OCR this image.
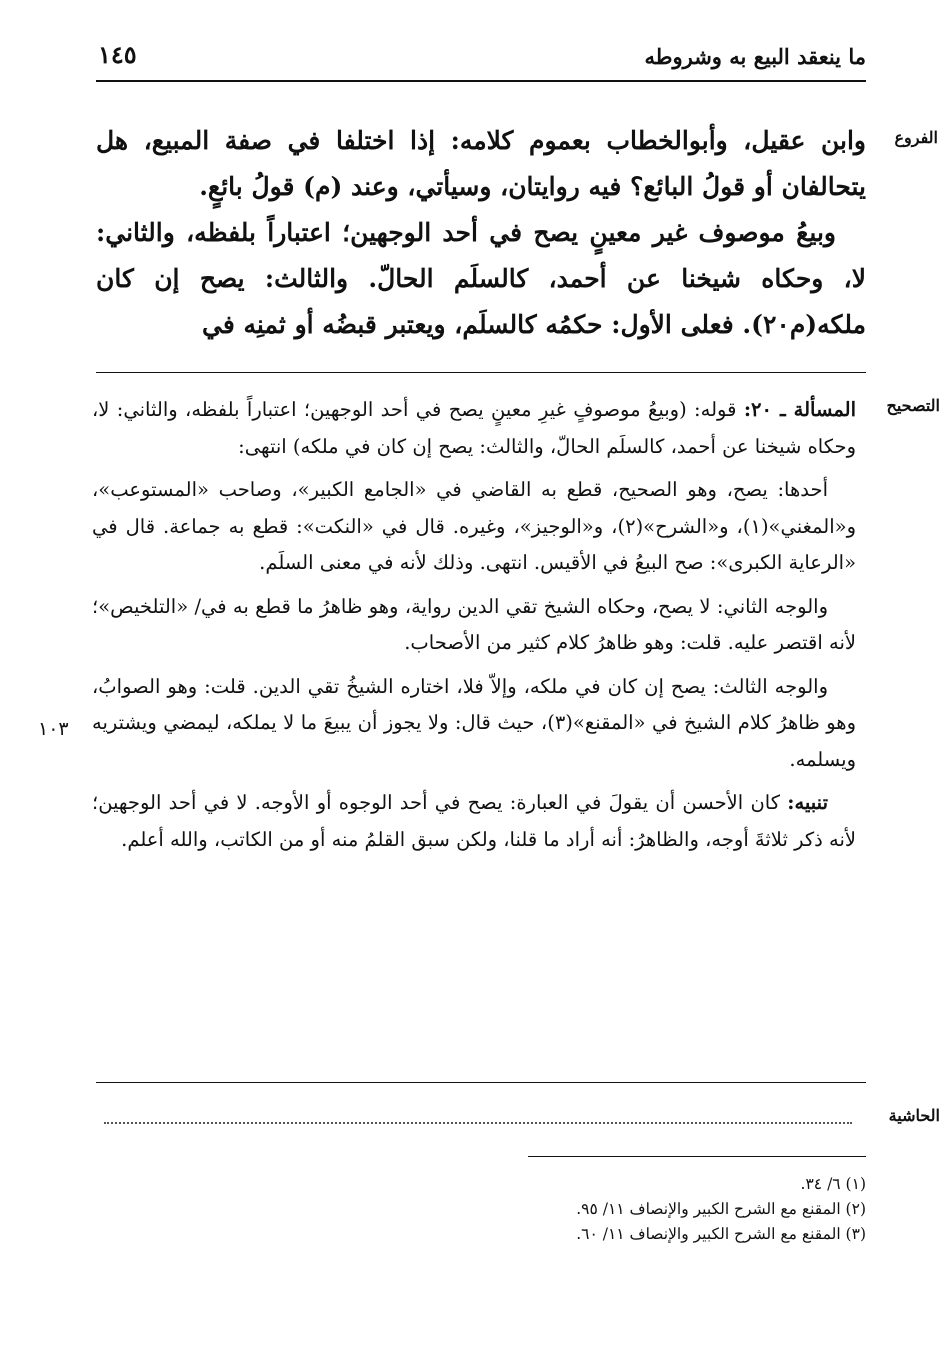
ما ينعقد البيع به وشروطه
١٤٥
الفروع
التصحيح
١٠٣
الحاشية

وابن عقيل، وأبوالخطاب بعموم كلامه: إذا اختلفا في صفة المبيع، هل يتحالفان أو قولُ البائع؟ فيه روايتان، وسيأتي، وعند (م) قولُ بائعٍ.

وبيعُ موصوف غير معينٍ يصح في أحد الوجهين؛ اعتباراً بلفظه، والثاني: لا، وحكاه شيخنا عن أحمد، كالسلَم الحالّ. والثالث: يصح إن كان ملكه(م٢٠). فعلى الأول: حكمُه كالسلَم، ويعتبر قبضُه أو ثمنِه في

المسألة ـ ٢٠: قوله: (وبيعُ موصوفٍ غيرِ معينٍ يصح في أحد الوجهين؛ اعتباراً بلفظه، والثاني: لا، وحكاه شيخنا عن أحمد، كالسلَم الحالّ، والثالث: يصح إن كان في ملكه) انتهى:

أحدها: يصح، وهو الصحيح، قطع به القاضي في «الجامع الكبير»، وصاحب «المستوعب»، و«المغني»(١)، و«الشرح»(٢)، و«الوجيز»، وغيره. قال في «النكت»: قطع به جماعة. قال في «الرعاية الكبرى»: صح البيعُ في الأقيس. انتهى. وذلك لأنه في معنى السلَم.

والوجه الثاني: لا يصح، وحكاه الشيخ تقي الدين رواية، وهو ظاهرُ ما قطع به في/ «التلخيص»؛ لأنه اقتصر عليه. قلت: وهو ظاهرُ كلام كثير من الأصحاب.

والوجه الثالث: يصح إن كان في ملكه، وإلاّ فلا، اختاره الشيخُ تقي الدين. قلت: وهو الصوابُ، وهو ظاهرُ كلام الشيخ في «المقنع»(٣)، حيث قال: ولا يجوز أن يبيعَ ما لا يملكه، ليمضي ويشتريه ويسلمه.

تنبيه: كان الأحسن أن يقولَ في العبارة: يصح في أحد الوجوه أو الأوجه. لا في أحد الوجهين؛ لأنه ذكر ثلاثةَ أوجه، والظاهرُ: أنه أراد ما قلنا، ولكن سبق القلمُ منه أو من الكاتب، والله أعلم.

(١) ٦/ ٣٤.
(٢) المقنع مع الشرح الكبير والإنصاف ١١/ ٩٥.
(٣) المقنع مع الشرح الكبير والإنصاف ١١/ ٦٠.
